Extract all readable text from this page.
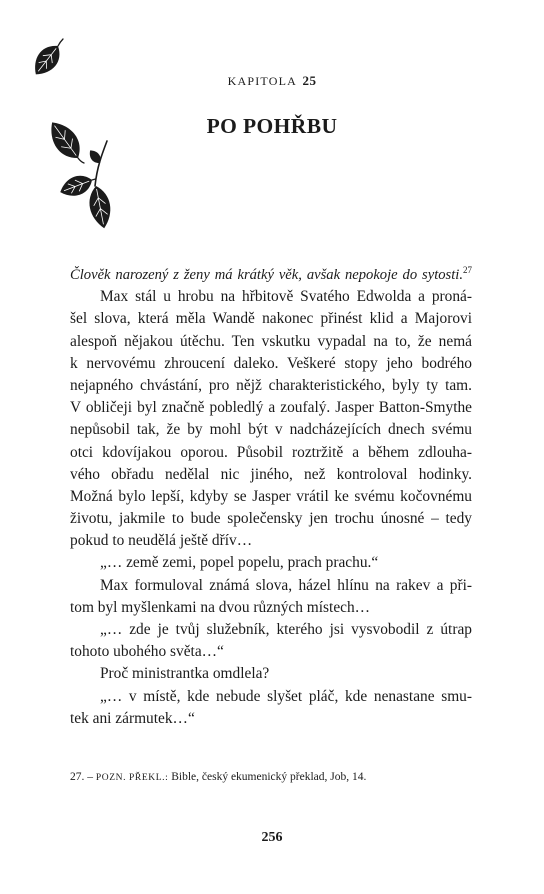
KAPITOLA 25
PO POHŘBU
Člověk narozený z ženy má krátký věk, avšak nepokoje do sytosti.$^{27}$
Max stál u hrobu na hřbitově Svatého Edwolda a proná-
šel slova, která měla Wandě nakonec přinést klid a Majorovi
alespoň nějakou útěchu. Ten vskutku vypadal na to, že nemá
k nervovému zhroucení daleko. Veškeré stopy jeho bodrého
nejapného chvástání, pro nějž charakteristického, byly ty tam.
V obličeji byl značně pobledlý a zoufalý. Jasper Batton-Smythe
nepůsobil tak, že by mohl být v nadcházejících dnech svému
otci kdovíjakou oporou. Působil roztržitě a během zdlouha-
vého obřadu nedělal nic jiného, než kontroloval hodinky.
Možná bylo lepší, kdyby se Jasper vrátil ke svému kočovnému
životu, jakmile to bude společensky jen trochu únosné – tedy
pokud to neudělá ještě dřív…
„… země zemi, popel popelu, prach prachu.“
Max formuloval známá slova, házel hlínu na rakev a při-
tom byl myšlenkami na dvou různých místech…
„… zde je tvůj služebník, kterého jsi vysvobodil z útrap
tohoto ubohého světa…“
Proč ministrantka omdlela?
„… v místě, kde nebude slyšet pláč, kde nenastane smu-
tek ani zármutek…“
27. – POZN. PŘEKL.: Bible, český ekumenický překlad, Job, 14.
256
